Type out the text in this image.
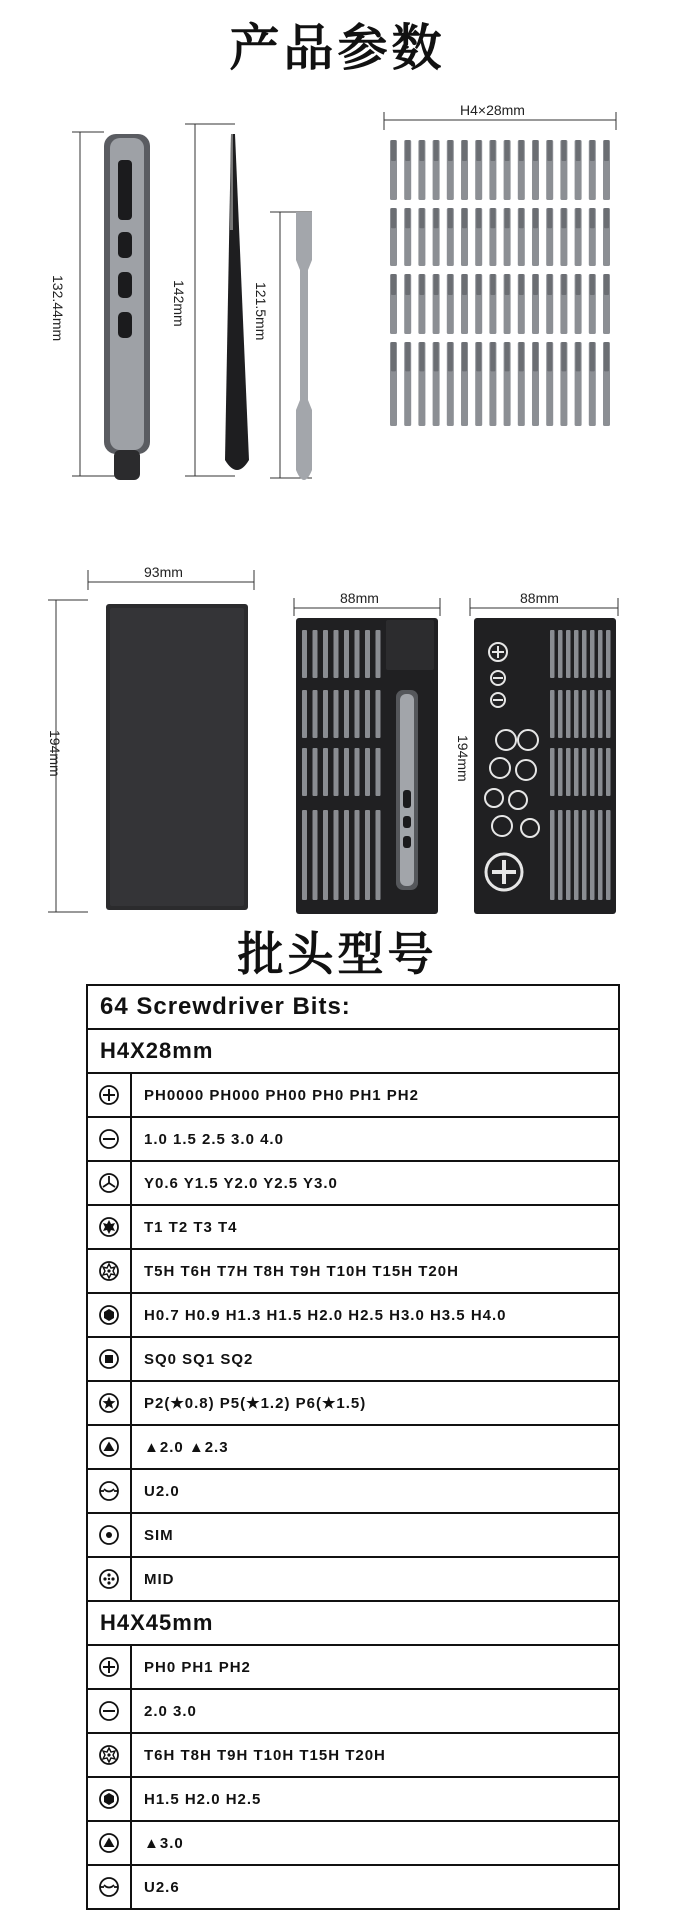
产品参数
132.44mm	142mm	121.5mm
H4×28mm
93mm
194mm
88mm	88mm
194mm
批头型号
64 Screwdriver Bits:
H4X28mm
PH0000 PH000 PH00 PH0 PH1 PH2
1.0 1.5 2.5 3.0 4.0
Y0.6 Y1.5 Y2.0 Y2.5 Y3.0
T1 T2 T3 T4
T5H T6H T7H T8H T9H T10H T15H T20H
H0.7 H0.9 H1.3 H1.5 H2.0 H2.5 H3.0 H3.5 H4.0
SQ0 SQ1 SQ2
P2(★0.8) P5(★1.2) P6(★1.5)
▲2.0 ▲2.3
U2.0
SIM
MID
H4X45mm
PH0 PH1 PH2
2.0 3.0
T6H T8H T9H T10H T15H T20H
H1.5 H2.0 H2.5
▲3.0
U2.6
